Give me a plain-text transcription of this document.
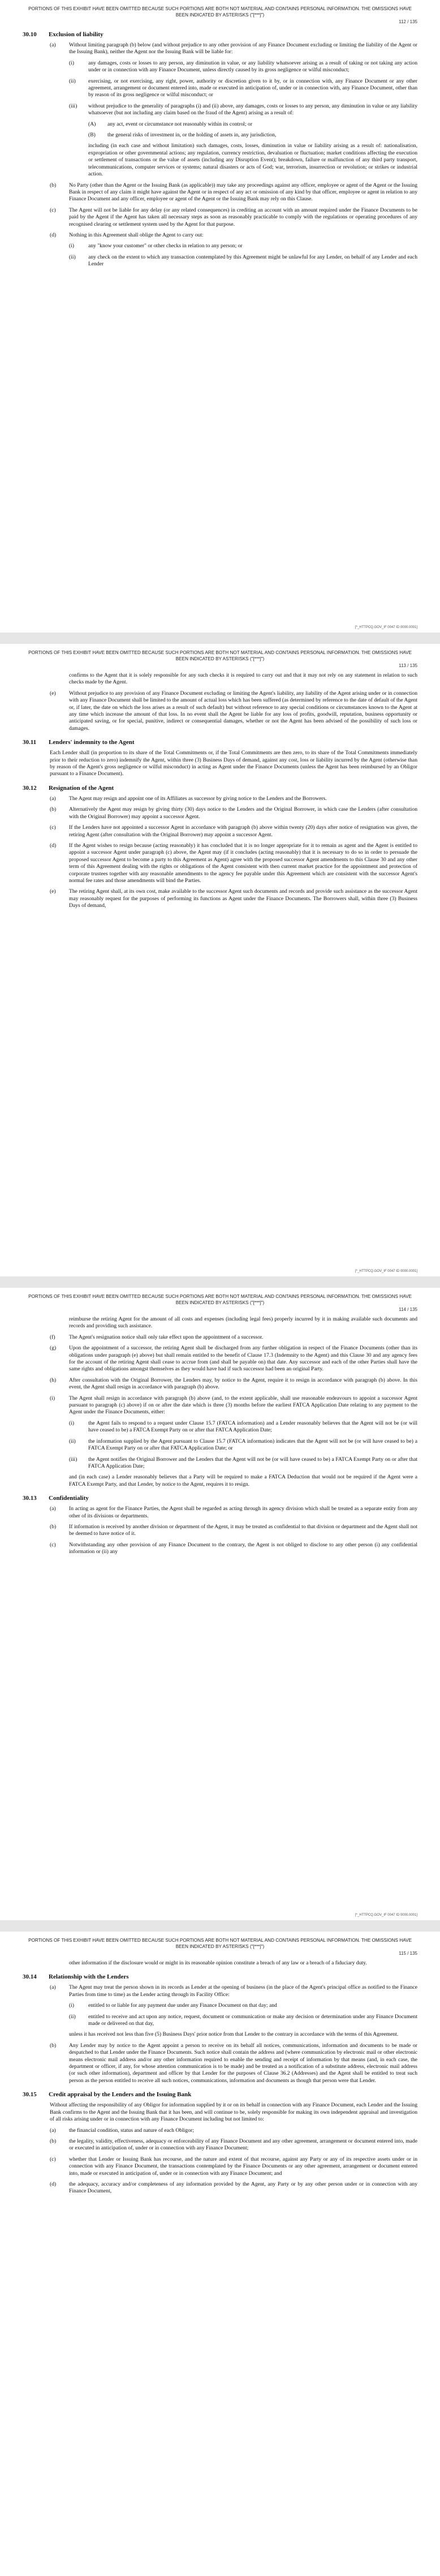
PORTIONS OF THIS EXHIBIT HAVE BEEN OMITTED BECAUSE SUCH PORTIONS ARE BOTH NOT MATERIAL AND CONTAINS PERSONAL INFORMATION. THE OMISSIONS HAVE BEEN INDICATED BY ASTERISKS ("[***]")
112 / 135
30.10	Exclusion of liability
(a)	Without limiting paragraph (b) below (and without prejudice to any other provision of any Finance Document excluding or limiting the liability of the Agent or the Issuing Bank), neither the Agent nor the Issuing Bank will be liable for:
(i)	any damages, costs or losses to any person, any diminution in value, or any liability whatsoever arising as a result of taking or not taking any action under or in connection with any Finance Document, unless directly caused by its gross negligence or wilful misconduct;
(ii)	exercising, or not exercising, any right, power, authority or discretion given to it by, or in connection with, any Finance Document or any other agreement, arrangement or document entered into, made or executed in anticipation of, under or in connection with, any Finance Document, other than by reason of its gross negligence or wilful misconduct; or
(iii)	without prejudice to the generality of paragraphs (i) and (ii) above, any damages, costs or losses to any person, any diminution in value or any liability whatsoever (but not including any claim based on the fraud of the Agent) arising as a result of:
(A)	any act, event or circumstance not reasonably within its control; or
(B)	the general risks of investment in, or the holding of assets in, any jurisdiction,
including (in each case and without limitation) such damages, costs, losses, diminution in value or liability arising as a result of: nationalisation, expropriation or other governmental actions; any regulation, currency restriction, devaluation or fluctuation; market conditions affecting the execution or settlement of transactions or the value of assets (including any Disruption Event); breakdown, failure or malfunction of any third party transport, telecommunications, computer services or systems; natural disasters or acts of God; war, terrorism, insurrection or revolution; or strikes or industrial action.
(b)	No Party (other than the Agent or the Issuing Bank (as applicable)) may take any proceedings against any officer, employee or agent of the Agent or the Issuing Bank in respect of any claim it might have against the Agent or in respect of any act or omission of any kind by that officer, employee or agent in relation to any Finance Document and any officer, employee or agent of the Agent or the Issuing Bank may rely on this Clause.
(c)	The Agent will not be liable for any delay (or any related consequences) in crediting an account with an amount required under the Finance Documents to be paid by the Agent if the Agent has taken all necessary steps as soon as reasonably practicable to comply with the regulations or operating procedures of any recognised clearing or settlement system used by the Agent for that purpose.
(d)	Nothing in this Agreement shall oblige the Agent to carry out:
(i)	any "know your customer" or other checks in relation to any person; or
(ii)	any check on the extent to which any transaction contemplated by this Agreement might be unlawful for any Lender, on behalf of any Lender and each Lender
[*_HTTPCQ.GOV_IF 0047 ID 0000.0001]
PORTIONS OF THIS EXHIBIT HAVE BEEN OMITTED BECAUSE SUCH PORTIONS ARE BOTH NOT MATERIAL AND CONTAINS PERSONAL INFORMATION. THE OMISSIONS HAVE BEEN INDICATED BY ASTERISKS ("[***]")
113 / 135
confirms to the Agent that it is solely responsible for any such checks it is required to carry out and that it may not rely on any statement in relation to such checks made by the Agent.
(e)	Without prejudice to any provision of any Finance Document excluding or limiting the Agent's liability, any liability of the Agent arising under or in connection with any Finance Document shall be limited to the amount of actual loss which has been suffered (as determined by reference to the date of default of the Agent or, if later, the date on which the loss arises as a result of such default) but without reference to any special conditions or circumstances known to the Agent at any time which increase the amount of that loss. In no event shall the Agent be liable for any loss of profits, goodwill, reputation, business opportunity or anticipated saving, or for special, punitive, indirect or consequential damages, whether or not the Agent has been advised of the possibility of such loss or damages.
30.11	Lenders' indemnity to the Agent
Each Lender shall (in proportion to its share of the Total Commitments or, if the Total Commitments are then zero, to its share of the Total Commitments immediately prior to their reduction to zero) indemnify the Agent, within three (3) Business Days of demand, against any cost, loss or liability incurred by the Agent (otherwise than by reason of the Agent's gross negligence or wilful misconduct) in acting as Agent under the Finance Documents (unless the Agent has been reimbursed by an Obligor pursuant to a Finance Document).
30.12	Resignation of the Agent
(a)	The Agent may resign and appoint one of its Affiliates as successor by giving notice to the Lenders and the Borrowers.
(b)	Alternatively the Agent may resign by giving thirty (30) days notice to the Lenders and the Original Borrower, in which case the Lenders (after consultation with the Original Borrower) may appoint a successor Agent.
(c)	If the Lenders have not appointed a successor Agent in accordance with paragraph (b) above within twenty (20) days after notice of resignation was given, the retiring Agent (after consultation with the Original Borrower) may appoint a successor Agent.
(d)	If the Agent wishes to resign because (acting reasonably) it has concluded that it is no longer appropriate for it to remain as agent and the Agent is entitled to appoint a successor Agent under paragraph (c) above, the Agent may (if it concludes (acting reasonably) that it is necessary to do so in order to persuade the proposed successor Agent to become a party to this Agreement as Agent) agree with the proposed successor Agent amendments to this Clause 30 and any other term of this Agreement dealing with the rights or obligations of the Agent consistent with then current market practice for the appointment and protection of corporate trustees together with any reasonable amendments to the agency fee payable under this Agreement which are consistent with the successor Agent's normal fee rates and those amendments will bind the Parties.
(e)	The retiring Agent shall, at its own cost, make available to the successor Agent such documents and records and provide such assistance as the successor Agent may reasonably request for the purposes of performing its functions as Agent under the Finance Documents. The Borrowers shall, within three (3) Business Days of demand,
[*_HTTPCQ.GOV_IF 0047 ID 0000.0001]
PORTIONS OF THIS EXHIBIT HAVE BEEN OMITTED BECAUSE SUCH PORTIONS ARE BOTH NOT MATERIAL AND CONTAINS PERSONAL INFORMATION. THE OMISSIONS HAVE BEEN INDICATED BY ASTERISKS ("[***]")
114 / 135
reimburse the retiring Agent for the amount of all costs and expenses (including legal fees) properly incurred by it in making available such documents and records and providing such assistance.
(f)	The Agent's resignation notice shall only take effect upon the appointment of a successor.
(g)	Upon the appointment of a successor, the retiring Agent shall be discharged from any further obligation in respect of the Finance Documents (other than its obligations under paragraph (e) above) but shall remain entitled to the benefit of Clause 17.3 (Indemnity to the Agent) and this Clause 30 and any agency fees for the account of the retiring Agent shall cease to accrue from (and shall be payable on) that date. Any successor and each of the other Parties shall have the same rights and obligations amongst themselves as they would have had if such successor had been an original Party.
(h)	After consultation with the Original Borrower, the Lenders may, by notice to the Agent, require it to resign in accordance with paragraph (b) above. In this event, the Agent shall resign in accordance with paragraph (b) above.
(i)	The Agent shall resign in accordance with paragraph (b) above (and, to the extent applicable, shall use reasonable endeavours to appoint a successor Agent pursuant to paragraph (c) above) if on or after the date which is three (3) months before the earliest FATCA Application Date relating to any payment to the Agent under the Finance Documents, either:
(i)	the Agent fails to respond to a request under Clause 15.7 (FATCA information) and a Lender reasonably believes that the Agent will not be (or will have ceased to be) a FATCA Exempt Party on or after that FATCA Application Date;
(ii)	the information supplied by the Agent pursuant to Clause 15.7 (FATCA information) indicates that the Agent will not be (or will have ceased to be) a FATCA Exempt Party on or after that FATCA Application Date; or
(iii)	the Agent notifies the Original Borrower and the Lenders that the Agent will not be (or will have ceased to be) a FATCA Exempt Party on or after that FATCA Application Date;
and (in each case) a Lender reasonably believes that a Party will be required to make a FATCA Deduction that would not be required if the Agent were a FATCA Exempt Party, and that Lender, by notice to the Agent, requires it to resign.
30.13	Confidentiality
(a)	In acting as agent for the Finance Parties, the Agent shall be regarded as acting through its agency division which shall be treated as a separate entity from any other of its divisions or departments.
(b)	If information is received by another division or department of the Agent, it may be treated as confidential to that division or department and the Agent shall not be deemed to have notice of it.
(c)	Notwithstanding any other provision of any Finance Document to the contrary, the Agent is not obliged to disclose to any other person (i) any confidential information or (ii) any
[*_HTTPCQ.GOV_IF 0047 ID 0000.0001]
PORTIONS OF THIS EXHIBIT HAVE BEEN OMITTED BECAUSE SUCH PORTIONS ARE BOTH NOT MATERIAL AND CONTAINS PERSONAL INFORMATION. THE OMISSIONS HAVE BEEN INDICATED BY ASTERISKS ("[***]")
115 / 135
other information if the disclosure would or might in its reasonable opinion constitute a breach of any law or a breach of a fiduciary duty.
30.14	Relationship with the Lenders
(a)	The Agent may treat the person shown in its records as Lender at the opening of business (in the place of the Agent's principal office as notified to the Finance Parties from time to time) as the Lender acting through its Facility Office:
(i)	entitled to or liable for any payment due under any Finance Document on that day; and
(ii)	entitled to receive and act upon any notice, request, document or communication or make any decision or determination under any Finance Document made or delivered on that day,
unless it has received not less than five (5) Business Days' prior notice from that Lender to the contrary in accordance with the terms of this Agreement.
(b)	Any Lender may by notice to the Agent appoint a person to receive on its behalf all notices, communications, information and documents to be made or despatched to that Lender under the Finance Documents. Such notice shall contain the address and (where communication by electronic mail or other electronic means electronic mail address and/or any other information required to enable the sending and receipt of information by that means (and, in each case, the department or officer, if any, for whose attention communication is to be made) and be treated as a notification of a substitute address, electronic mail address (or such other information), department and officer by that Lender for the purposes of Clause 36.2 (Addresses) and the Agent shall be entitled to treat such person as the person entitled to receive all such notices, communications, information and documents as though that person were that Lender.
30.15	Credit appraisal by the Lenders and the Issuing Bank
Without affecting the responsibility of any Obligor for information supplied by it or on its behalf in connection with any Finance Document, each Lender and the Issuing Bank confirms to the Agent and the Issuing Bank that it has been, and will continue to be, solely responsible for making its own independent appraisal and investigation of all risks arising under or in connection with any Finance Document including but not limited to:
(a)	the financial condition, status and nature of each Obligor;
(b)	the legality, validity, effectiveness, adequacy or enforceability of any Finance Document and any other agreement, arrangement or document entered into, made or executed in anticipation of, under or in connection with any Finance Document;
(c)	whether that Lender or Issuing Bank has recourse, and the nature and extent of that recourse, against any Party or any of its respective assets under or in connection with any Finance Document, the transactions contemplated by the Finance Documents or any other agreement, arrangement or document entered into, made or executed in anticipation of, under or in connection with any Finance Document; and
(d)	the adequacy, accuracy and/or completeness of any information provided by the Agent, any Party or by any other person under or in connection with any Finance Document,
